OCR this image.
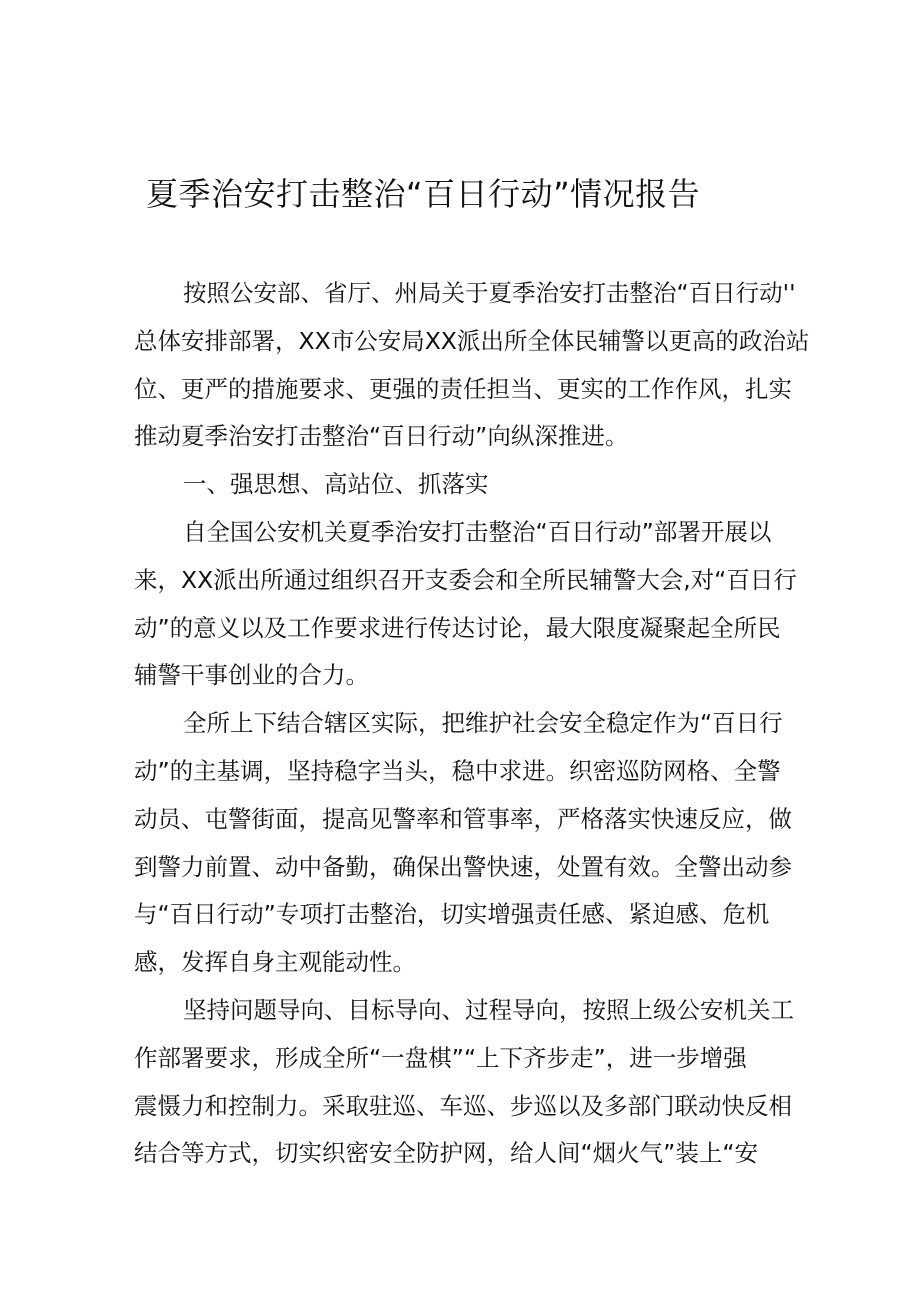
夏季治安打击整治“百日行动”情况报告
按照公安部、省厅、州局关于夏季治安打击整治“百日行动''
总体安排部署，XX市公安局XX派出所全体民辅警以更高的政治站
位、更严的措施要求、更强的责任担当、更实的工作作风，扎实
推动夏季治安打击整治“百日行动”向纵深推进。
一、强思想、高站位、抓落实
自全国公安机关夏季治安打击整治“百日行动”部署开展以
来，XX派出所通过组织召开支委会和全所民辅警大会,对“百日行
动”的意义以及工作要求进行传达讨论，最大限度凝聚起全所民
辅警干事创业的合力。
全所上下结合辖区实际，把维护社会安全稳定作为“百日行
动”的主基调，坚持稳字当头，稳中求进。织密巡防网格、全警
动员、屯警街面，提高见警率和管事率，严格落实快速反应，做
到警力前置、动中备勤，确保出警快速，处置有效。全警出动参
与“百日行动”专项打击整治，切实增强责任感、紧迫感、危机
感，发挥自身主观能动性。
坚持问题导向、目标导向、过程导向，按照上级公安机关工
作部署要求，形成全所“一盘棋”“上下齐步走”，进一步增强
震慑力和控制力。采取驻巡、车巡、步巡以及多部门联动快反相
结合等方式，切实织密安全防护网，给人间“烟火气”装上“安
